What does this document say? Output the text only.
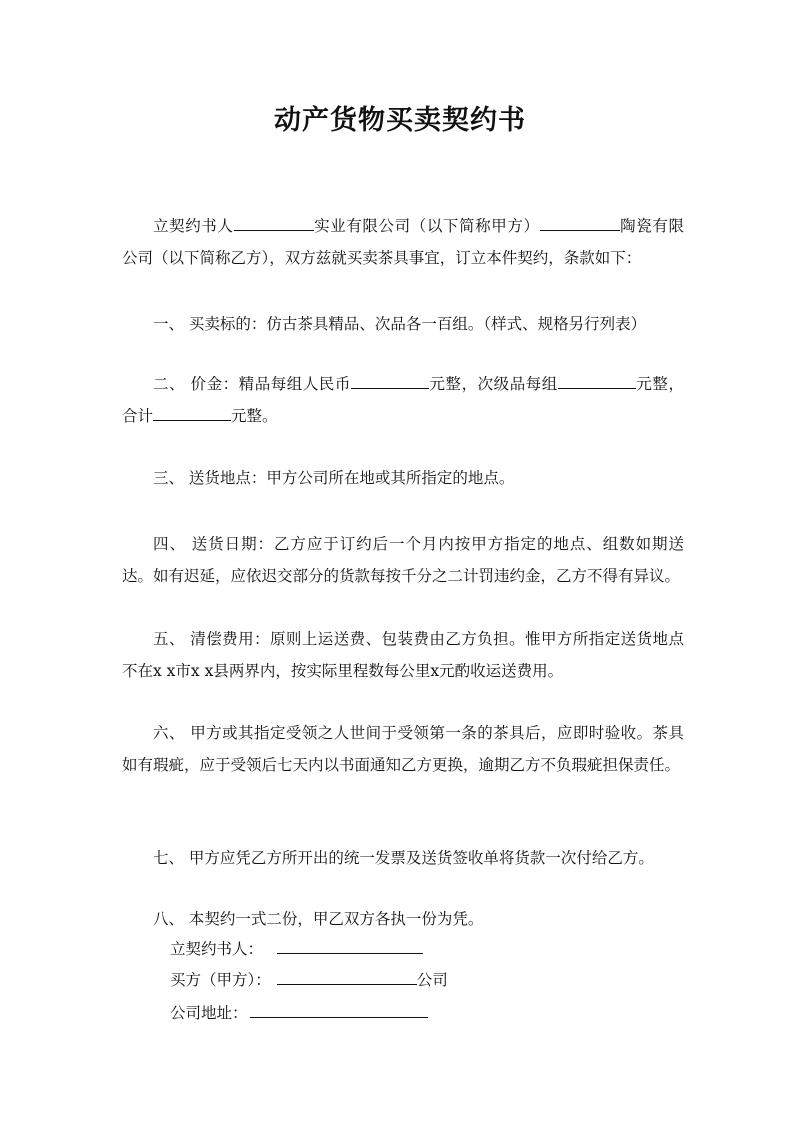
动产货物买卖契约书

立契约书人	实业有限公司（以下简称甲方）	陶瓷有限公司（以下简称乙方），双方兹就买卖茶具事宜，订立本件契约，条款如下：

一、 买卖标的：仿古茶具精品、次品各一百组。（样式、规格另行列表）

二、 价金：精品每组人民币	元整，次级品每组	元整，合计	元整。

三、 送货地点：甲方公司所在地或其所指定的地点。

四、 送货日期：乙方应于订约后一个月内按甲方指定的地点、组数如期送达。如有迟延，应依迟交部分的货款每按千分之二计罚违约金，乙方不得有异议。

五、 清偿费用：原则上运送费、包装费由乙方负担。惟甲方所指定送货地点不在x x市x x县两界内，按实际里程数每公里x元酌收运送费用。

六、 甲方或其指定受领之人世间于受领第一条的茶具后，应即时验收。茶具如有瑕疵，应于受领后七天内以书面通知乙方更换，逾期乙方不负瑕疵担保责任。

七、 甲方应凭乙方所开出的统一发票及送货签收单将货款一次付给乙方。

八、 本契约一式二份，甲乙双方各执一份为凭。

立契约书人：
买方（甲方）：	公司
公司地址：
